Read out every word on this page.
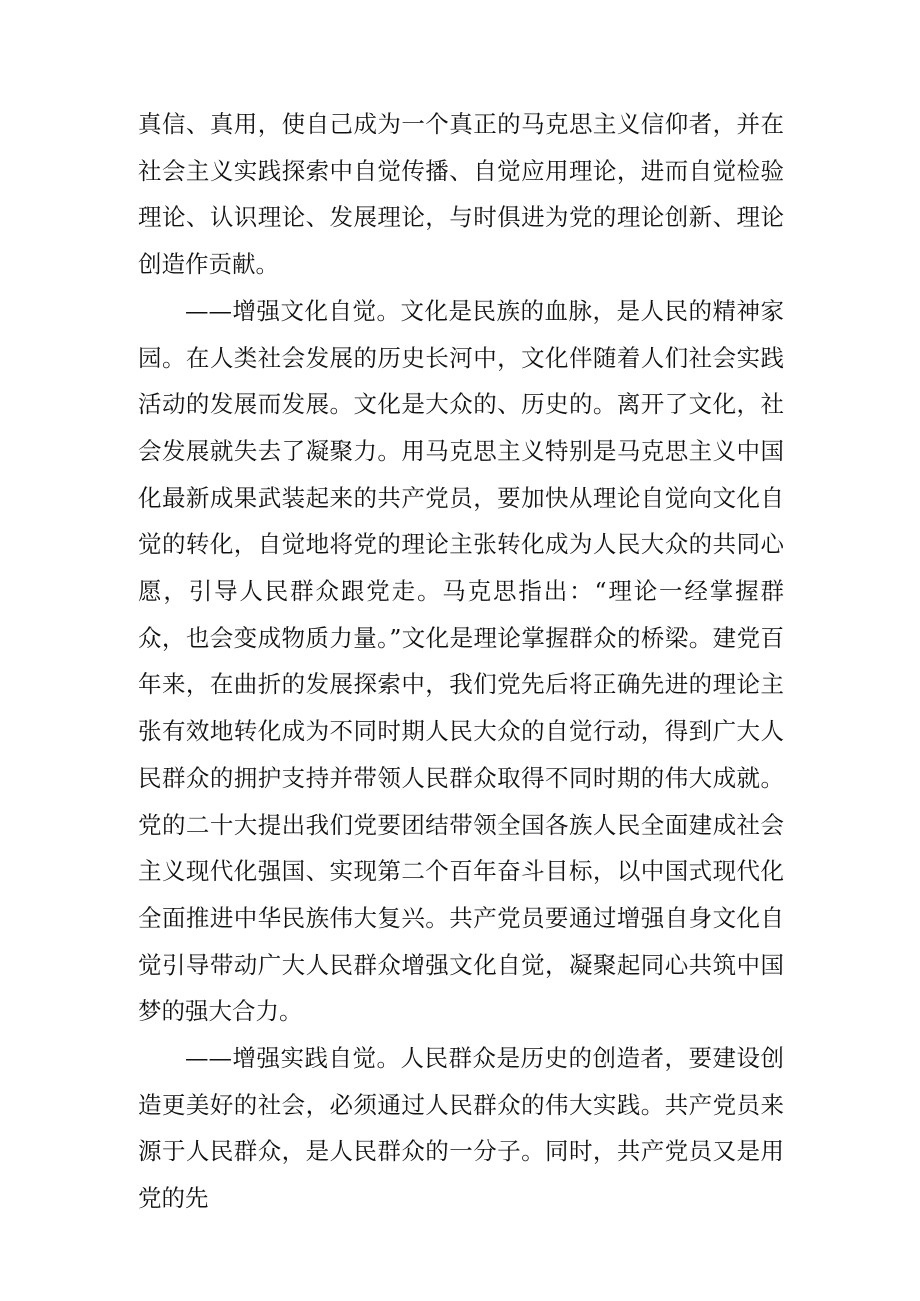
真信、真用，使自己成为一个真正的马克思主义信仰者，并在社会主义实践探索中自觉传播、自觉应用理论，进而自觉检验理论、认识理论、发展理论，与时俱进为党的理论创新、理论创造作贡献。

——增强文化自觉。文化是民族的血脉，是人民的精神家园。在人类社会发展的历史长河中，文化伴随着人们社会实践活动的发展而发展。文化是大众的、历史的。离开了文化，社会发展就失去了凝聚力。用马克思主义特别是马克思主义中国化最新成果武装起来的共产党员，要加快从理论自觉向文化自觉的转化，自觉地将党的理论主张转化成为人民大众的共同心愿，引导人民群众跟党走。马克思指出：“理论一经掌握群众，也会变成物质力量。”文化是理论掌握群众的桥梁。建党百年来，在曲折的发展探索中，我们党先后将正确先进的理论主张有效地转化成为不同时期人民大众的自觉行动，得到广大人民群众的拥护支持并带领人民群众取得不同时期的伟大成就。党的二十大提出我们党要团结带领全国各族人民全面建成社会主义现代化强国、实现第二个百年奋斗目标，以中国式现代化全面推进中华民族伟大复兴。共产党员要通过增强自身文化自觉引导带动广大人民群众增强文化自觉，凝聚起同心共筑中国梦的强大合力。

——增强实践自觉。人民群众是历史的创造者，要建设创造更美好的社会，必须通过人民群众的伟大实践。共产党员来源于人民群众，是人民群众的一分子。同时，共产党员又是用党的先
